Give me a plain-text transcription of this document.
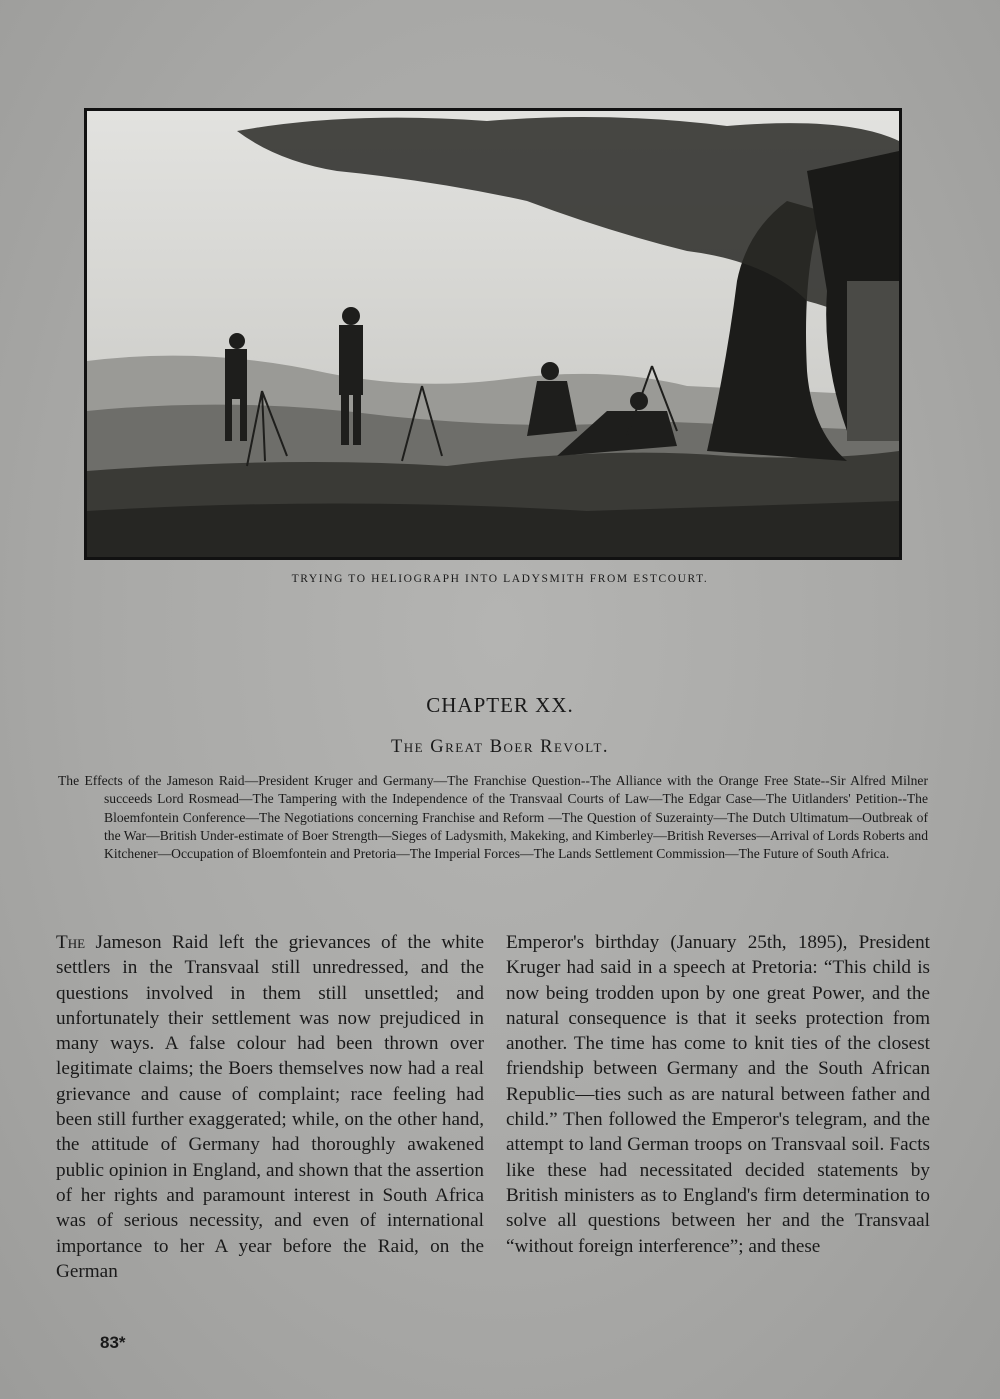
TRYING TO HELIOGRAPH INTO LADYSMITH FROM ESTCOURT.
CHAPTER XX.
The Great Boer Revolt.
The Effects of the Jameson Raid—President Kruger and Germany—The Franchise Question--The Alliance with the Orange Free State--Sir Alfred Milner succeeds Lord Rosmead—The Tampering with the Independence of the Transvaal Courts of Law—The Edgar Case—The Uitlanders' Petition--The Bloemfontein Conference—The Negotiations concerning Franchise and Reform —The Question of Suzerainty—The Dutch Ultimatum—Outbreak of the War—British Under-estimate of Boer Strength—Sieges of Ladysmith, Makeking, and Kimberley—British Reverses—Arrival of Lords Roberts and Kitchener—Occupation of Bloemfontein and Pretoria—The Imperial Forces—The Lands Settlement Commission—The Future of South Africa.
The Jameson Raid left the grievances of the white settlers in the Transvaal still unredressed, and the questions involved in them still unsettled; and unfortunately their settlement was now prejudiced in many ways. A false colour had been thrown over legitimate claims; the Boers themselves now had a real grievance and cause of complaint; race feeling had been still further exaggerated; while, on the other hand, the attitude of Germany had thoroughly awakened public opinion in England, and shown that the assertion of her rights and paramount interest in South Africa was of serious necessity, and even of international importance to her A year before the Raid, on the German
Emperor's birthday (January 25th, 1895), President Kruger had said in a speech at Pretoria: “This child is now being trodden upon by one great Power, and the natural consequence is that it seeks protection from another. The time has come to knit ties of the closest friendship between Germany and the South African Republic—ties such as are natural between father and child.” Then followed the Emperor's telegram, and the attempt to land German troops on Transvaal soil. Facts like these had necessitated decided statements by British ministers as to England's firm determination to solve all questions between her and the Transvaal “without foreign interference”; and these
83*
